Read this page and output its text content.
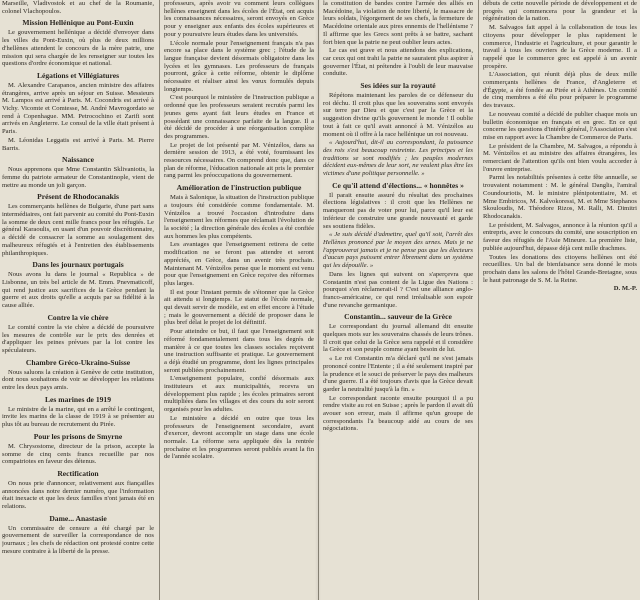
Marseille, Vladivostok et au chef de la Roumanie, colonel Vlachopoulos.

Mission Hellénique au Pont-Euxin

Le gouvernement hellénique a décidé d'envoyer dans les villes du Pont-Euxin, où plus de deux millions d'hellènes attendent le concours de la mère patrie, une mission qui sera chargée de les renseigner sur toutes les questions d'ordre économique et national.

Légations et Villégiatures

M. Alexandre Carapanos, ancien ministre des affaires étrangères, arrive après un séjour en Suisse. Messieurs M. Lampos est arrivé à Paris. M. Cocondris est arrivé à Vichy. Vicomte et Comtesse, M. André Mavrogordato se rend à Copenhague. MM. Petrocochino et Zarifi sont arrivés en Angleterre. Le consul de la ville était présent à Paris.

M. Léonidas Leggatis est arrivé à Paris. M. Pierre Barris.

Naissance

Nous apprenons que Mme Constantin Sklivaniotis, la femme du patriote armateur de Constantinople, vient de mettre au monde un joli garçon.

Présent de Rhodocanakis

Les commerçants hellènes de Bulgarie, d'une part sans intermédiaires, ont fait parvenir au comité du Pont-Euxin la somme de deux cent mille francs pour les réfugiés. Le général Karaoulis, en usant d'un pouvoir discrétionnaire, a décidé de consacrer la somme au soulagement des malheureux réfugiés et à l'entretien des établissements philanthropiques.

Dans les journaux portugais

Nous avons lu dans le journal « Republica » de Lisbonne, un très bel article de M. Emm. Pnevmaticoff, qui rend justice aux sacrifices de la Grèce pendant la guerre et aux droits qu'elle a acquis par sa fidélité à la cause alliée.

Contre la vie chère

Le comité contre la vie chère a décidé de poursuivre les mesures de contrôle sur le prix des denrées et d'appliquer les peines prévues par la loi contre les spéculateurs.

Chambre Gréco-Ukraino-Suisse

Nous saluons la création à Genève de cette institution, dont nous souhaitons de voir se développer les relations entre les deux pays amis.

Les marines de 1919

Le ministre de la marine, qui en a arrêté le contingent, invite les marins de la classe de 1919 à se présenter au plus tôt au bureau de recrutement du Pirée.

Pour les prisons de Smyrne

M. Chrysostome, directeur de la prison, accepte la somme de cinq cents francs recueillie par nos compatriotes en faveur des détenus.

Rectification

On nous prie d'annoncer, relativement aux fiançailles annoncées dans notre dernier numéro, que l'information était inexacte et que les deux familles n'ont jamais été en relations.

Dame... Anastasie

Un commissaire de censure a été chargé par le gouvernement de surveiller la correspondance de nos journaux ; les chefs de rédaction ont protesté contre cette mesure contraire à la liberté de la presse.

professeurs, après avoir vu comment leurs collègues hellènes enseignent dans les écoles de l'État, ont acquis les connaissances nécessaires, seront envoyés en Grèce pour y enseigner aux enfants des écoles supérieures et pour y poursuivre leurs études dans les universités.

L'école normale pour l'enseignement français n'a pas encore sa place dans le système grec ; l'étude de la langue française devient désormais obligatoire dans les lycées et les gymnases. Les professeurs de français pourront, grâce à cette réforme, obtenir le diplôme nécessaire et réaliser ainsi les vœux formulés depuis longtemps.

C'est pourquoi le ministère de l'instruction publique a ordonné que les professeurs seraient recrutés parmi les jeunes gens ayant fait leurs études en France et possédant une connaissance parfaite de la langue. Il a été décidé de procéder à une réorganisation complète des programmes.

Le projet de loi présenté par M. Vénizélos, dans sa dernière session de 1913, a été voté, fournissant les ressources nécessaires. On comprend donc que, dans ce plan de réforme, l'éducation nationale ait pris le premier rang parmi les préoccupations du gouvernement.

Amélioration de l'instruction publique

Mais à Salonique, la situation de l'instruction publique a toujours été considérée comme fondamentale. M. Vénizélos a trouvé l'occasion d'introduire dans l'enseignement les réformes que réclamait l'évolution de la société ; la direction générale des écoles a été confiée aux hommes les plus compétents.

Les avantages que l'enseignement retirera de cette modification ne se feront pas attendre et seront appréciés, en Grèce, dans un avenir très prochain. Maintenant M. Vénizélos pense que le moment est venu pour que l'enseignement en Grèce reçoive des réformes plus larges.

Il est pour l'instant permis de s'étonner que la Grèce ait attendu si longtemps. Le statut de l'école normale, qui devait servir de modèle, est en effet encore à l'étude ; mais le gouvernement a décidé de proposer dans le plus bref délai le projet de loi définitif.

Pour atteindre ce but, il faut que l'enseignement soit réformé fondamentalement dans tous les degrés de manière à ce que toutes les classes sociales reçoivent une instruction suffisante et pratique. Le gouvernement a déjà étudié un programme, dont les lignes principales seront publiées prochainement.

L'enseignement populaire, confié désormais aux instituteurs et aux municipalités, recevra un développement plus rapide ; les écoles primaires seront multipliées dans les villages et des cours du soir seront organisés pour les adultes.

Le ministère a décidé en outre que tous les professeurs de l'enseignement secondaire, avant d'exercer, devront accomplir un stage dans une école normale. La réforme sera appliquée dès la rentrée prochaine et les programmes seront publiés avant la fin de l'année scolaire.

la constitution de bandes contre l'armée des alliés en Macédoine, la violation de notre liberté, le massacre de leurs soldats, l'égorgement de ses chefs, la fermeture de Macédoine orientale aux pires ennemis de l'hellénisme ? Il affirme que les Grecs sont prêts à se battre, sachant fort bien que la patrie ne peut oublier leurs actes.

Le cas est grave et nous attendons des explications, car ceux qui ont trahi la patrie ne sauraient plus aspirer à gouverner l'État, ni prétendre à l'oubli de leur mauvaise conduite.

Ses idées sur la royauté

Répétons maintenant les paroles de ce défenseur du roi déchu. Il croit plus que les souverains sont envoyés sur terre par Dieu et que c'est par la Grèce et la suggestion divine qu'ils gouvernent le monde ! Il oublie tout à fait ce qu'il avait annoncé à M. Vénizélos au moment où il offre à la race hellénique un roi nouveau.

« Aujourd'hui, dit-il au correspondant, la puissance des rois s'est beaucoup restreinte. Les principes et les traditions se sont modifiés ; les peuples modernes décident eux-mêmes de leur sort, ne veulent plus être les victimes d'une politique personnelle. »

Ce qu'il attend d'élections... « honnêtes »

Il parait ensuite assuré du résultat des prochaines élections législatives : il croit que les Hellènes ne manqueront pas de voter pour lui, parce qu'il leur est inférieur de construire une grande nouveauté et garde ses soutiens fidèles.

« Je suis décidé d'admettre, quel qu'il soit, l'arrêt des Hellènes prononcé par le moyen des urnes. Mais je ne l'approuverai jamais et je ne pense pas que les électeurs d'aucun pays puissent entrer librement dans un système qui les dépouille. »

Dans les lignes qui suivent on s'aperçevra que Constantin n'est pas content de la Ligue des Nations : pourquoi s'en réclamerait-il ? C'est une alliance anglo-franco-américaine, ce qui rend irréalisable son espoir d'une revanche germanique.

Constantin... sauveur de la Grèce

Le correspondant du journal allemand dit ensuite quelques mots sur les souverains chassés de leurs trônes. Il croit que celui de la Grèce sera rappelé et il considère la Grèce et son peuple comme ayant besoin de lui.

« Le roi Constantin m'a déclaré qu'il ne s'est jamais prononcé contre l'Entente ; il a été seulement inspiré par la prudence et le souci de préserver le pays des malheurs d'une guerre. Il a été toujours d'avis que la Grèce devait garder la neutralité jusqu'à la fin. »

Le correspondant raconte ensuite pourquoi il a pu rendre visite au roi en Suisse ; après le pardon il avait dû avouer son erreur, mais il affirme qu'un groupe de correspondants l'a beaucoup aidé au cours de ses négociations.

débuts de cette nouvelle période de développement et de progrès qui commencera pour la grandeur et la régénération de la nation.

M. Salvagos fait appel à la collaboration de tous les citoyens pour développer le plus rapidement le commerce, l'industrie et l'agriculture, et pour garantir le travail à tous les ouvriers de la Grèce moderne. Il a rappelé que le commerce grec est appelé à un avenir prospère.

L'Association, qui réunit déjà plus de deux mille commerçants hellènes de France, d'Angleterre et d'Égypte, a été fondée au Pirée et à Athènes. Un comité de cinq membres a été élu pour préparer le programme des travaux.

Le nouveau comité a décidé de publier chaque mois un bulletin économique en français et en grec. En ce qui concerne les questions d'intérêt général, l'Association s'est mise en rapport avec la Chambre de Commerce de Paris.

Le président de la Chambre, M. Salvagos, a répondu à M. Vénizélos et au ministre des affaires étrangères, les remerciant de l'attention qu'ils ont bien voulu accorder à l'œuvre entreprise.

Parmi les notabilités présentes à cette fête annuelle, se trouvaient notamment : M. le général Danglis, l'amiral Coundouriotis, M. le ministre plénipotentiaire, M. et Mme Embiricos, M. Kalvokoressi, M. et Mme Stephanos Skouloudis, M. Théodore Rizos, M. Ralli, M. Dimitri Rhodocanakis.

Le président, M. Salvagos, annonce à la réunion qu'il a entrepris, avec le concours du comité, une souscription en faveur des réfugiés de l'Asie Mineure. La première liste, publiée aujourd'hui, dépasse déjà cent mille drachmes.

Toutes les donations des citoyens hellènes ont été recueillies. Un bal de bienfaisance sera donné le mois prochain dans les salons de l'hôtel Grande-Bretagne, sous le haut patronage de S. M. la Reine.

D. M.-P.
